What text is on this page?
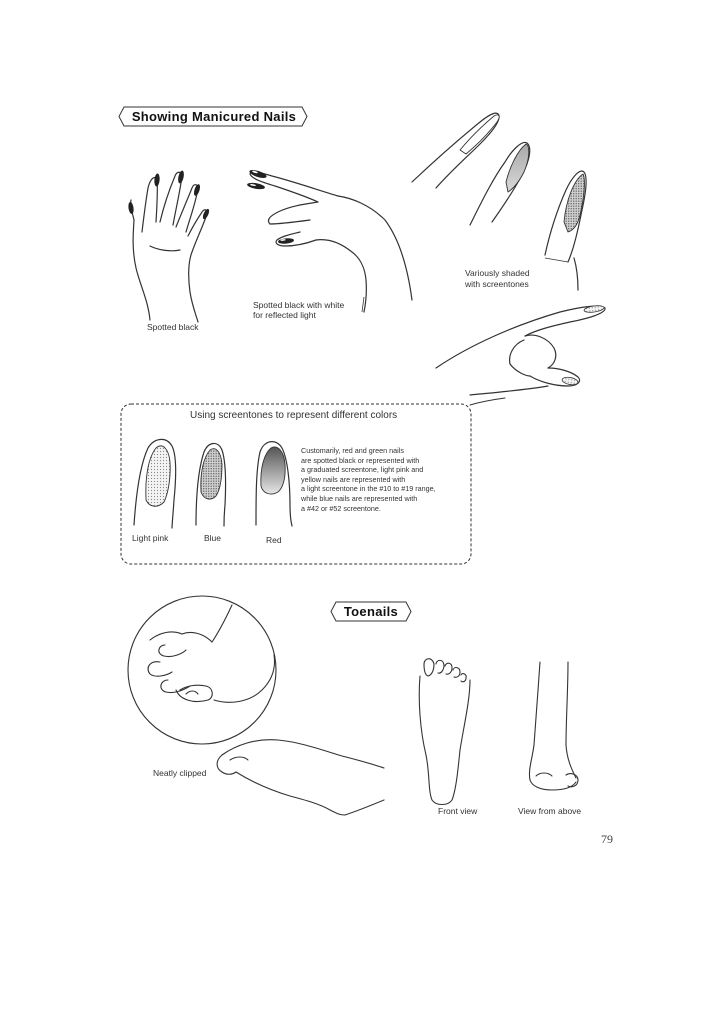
Showing Manicured Nails
Spotted black
Spotted black with white
for reflected light
Variously shaded
with screentones
Using screentones to represent different colors
Light pink	Blue	Red
Customarily, red and green nails
are spotted black or represented with
a graduated screentone, light pink and
yellow nails are represented with
a light screentone in the #10 to #19 range,
while blue nails are represented with
a #42 or #52 screentone.
Toenails
Neatly clipped
Front view	View from above
79
